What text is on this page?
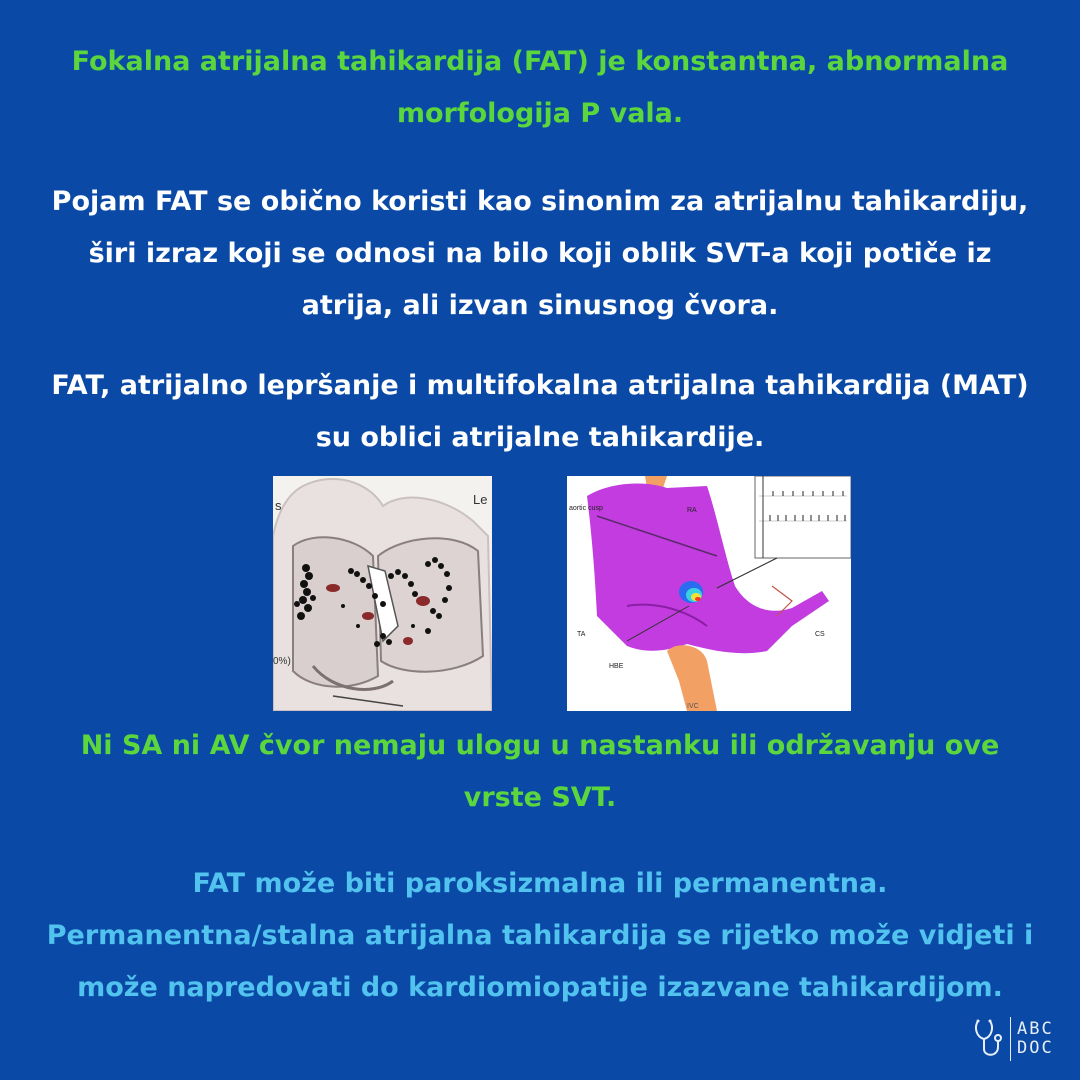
Fokalna atrijalna tahikardija (FAT) je konstantna, abnormalna morfologija P vala.

Pojam FAT se obično koristi kao sinonim za atrijalnu tahikardiju, širi izraz koji se odnosi na bilo koji oblik SVT-a koji potiče iz atrija, ali izvan sinusnog čvora.

FAT, atrijalno lepršanje i multifokalna atrijalna tahikardija (MAT) su oblici atrijalne tahikardije.

s	Le
0%)
aortic cusp	RA
TA
HBE
CS
IVC

Ni SA ni AV čvor nemaju ulogu u nastanku ili održavanju ove vrste SVT.

FAT može biti paroksizmalna ili permanentna. Permanentna/stalna atrijalna tahikardija se rijetko može vidjeti i može napredovati do kardiomiopatije izazvane tahikardijom.

ABC
DOC
